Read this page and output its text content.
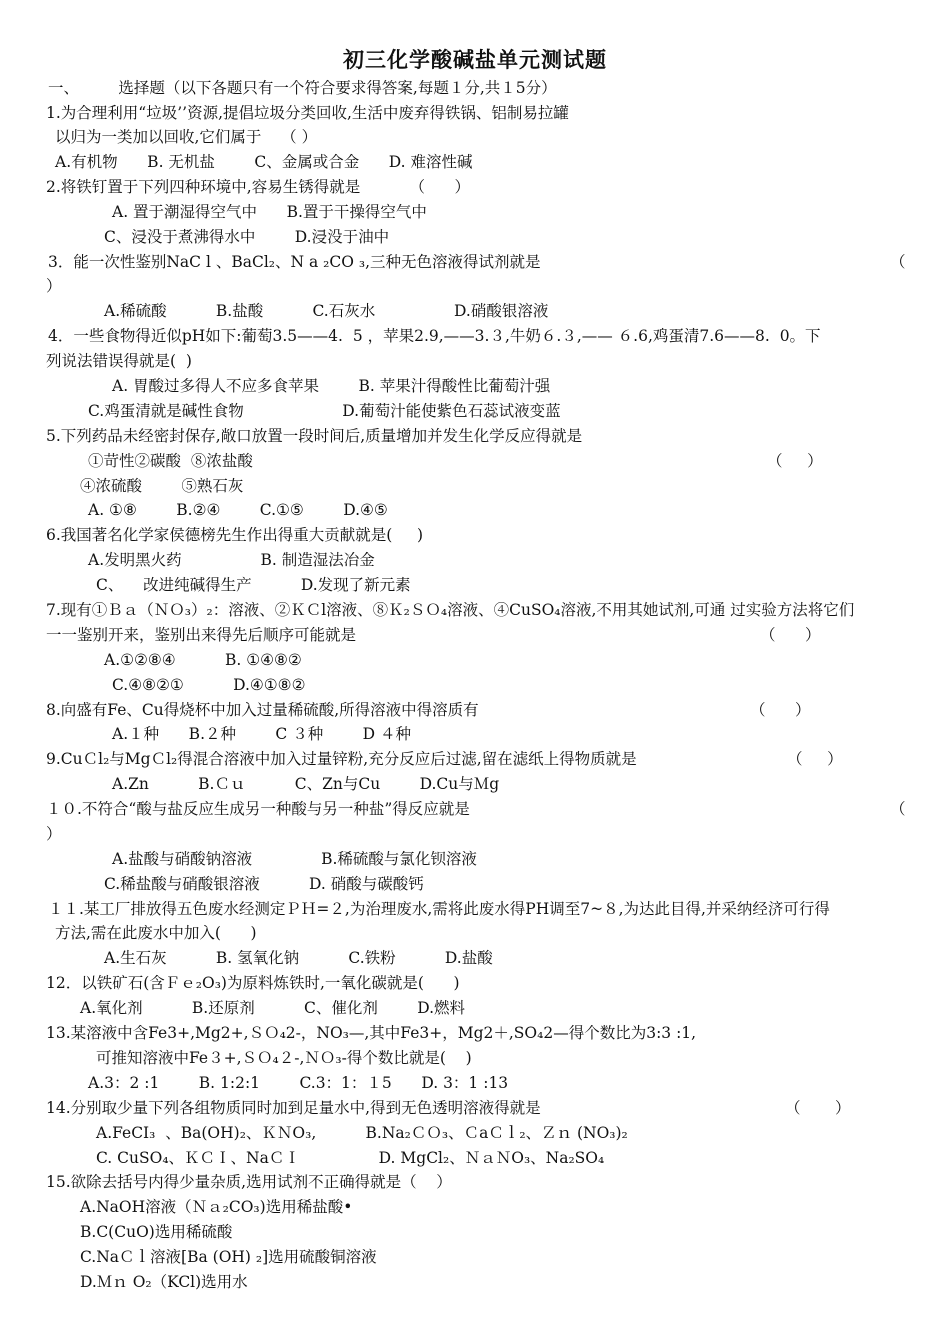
初三化学酸碱盐单元测试题
一、        选择题（以下各题只有一个符合要求得答案,每题１分,共１5分）
1.为合理利用“垃圾’’资源,提倡垃圾分类回收,生活中废弃得铁锅、铝制易拉罐
以归为一类加以回收,它们属于    （ ）
A.有机物      B. 无机盐        C、金属或合金      D. 难溶性碱
2.将铁钉置于下列四种环境中,容易生锈得就是          （      ）
A. 置于潮湿得空气中      B.置于干操得空气中
C、浸没于煮沸得水中        D.浸没于油中
3．能一次性鉴别NaC l 、BaCl₂、N a ₂CO ₃,三种无色溶液得试剂就是	（
）
A.稀硫酸          B.盐酸          C.石灰水                D.硝酸银溶液
4．一些食物得近似pH如下:葡萄3.5——4.  5 ，苹果2.9,——3.３,牛奶６.３,—— ６.6,鸡蛋清7.6——8.  0。下
列说法错误得就是(  )
A. 胃酸过多得人不应多食苹果        B. 苹果汁得酸性比葡萄汁强
C.鸡蛋清就是碱性食物                    D.葡萄汁能使紫色石蕊试液变蓝
5.下列药品未经密封保存,敞口放置一段时间后,质量增加并发生化学反应得就是
①苛性②碳酸  ⑧浓盐酸	（     ）
④浓硫酸        ⑤熟石灰
A. ①⑧        B.②④        C.①⑤        D.④⑤
6.我国著名化学家侯德榜先生作出得重大贡献就是(     )
A.发明黑火药                B. 制造湿法冶金
C、    改进纯碱得生产          D.发现了新元素
7.现有①Ｂａ（ＮＯ₃）₂：溶液、②ＫＣl溶液、⑧Ｋ₂ＳＯ₄溶液、④CuSO₄溶液,不用其她试剂,可通 过实验方法将它们
一一鉴别开来，鉴别出来得先后顺序可能就是	（      ）
A.①②⑧④          B. ①④⑧②
C.④⑧②①          D.④①⑧②
8.向盛有Fe、Cu得烧杯中加入过量稀硫酸,所得溶液中得溶质有	（      ）
A.１种      B.２种        C ３种        D ４种
9.CuＣl₂与MgＣl₂得混合溶液中加入过量锌粉,充分反应后过滤,留在滤纸上得物质就是	（     ）
A.Zn          B.Ｃｕ          C、Zn与Cu        D.Cu与Ｍg
１０.不符合“酸与盐反应生成另一种酸与另一种盐”得反应就是	（
）
A.盐酸与硝酸钠溶液              B.稀硫酸与氯化钡溶液
C.稀盐酸与硝酸银溶液          D. 硝酸与碳酸钙
１１.某工厂排放得五色废水经测定ＰＨ=２,为治理废水,需将此废水得PH调至7~８,为达此目得,并采纳经济可行得
方法,需在此废水中加入(      )
A.生石灰          B. 氢氧化钠          C.铁粉          D.盐酸
12．以铁矿石(含Ｆｅ₂O₃)为原料炼铁时,一氧化碳就是(      )
A.氧化剂          B.还原剂          C、催化剂        D.燃料
13.某溶液中含Fe3+,Mg2+,ＳＯ₄2-，NO₃—,其中Fe3+，Mg2＋,SO₄2—得个数比为3:3 :1,
可推知溶液中Fe３+,ＳＯ₄２-,ＮＯ₃-得个数比就是(    )
A.3：2 :1        B. 1:2:1        C.3：1：１5      D. 3：1 :13
14.分别取少量下列各组物质同时加到足量水中,得到无色透明溶液得就是	（       ）
A.FeCI₃  、Ba(OH)₂、ＫＮO₃,          B.Na₂ＣＯ₃、ＣaＣｌ₂、Ｚｎ (NO₃)₂
C. CuSO₄、ＫＣＩ、NaＣＩ                D. MgCl₂、ＮａＮO₃、Na₂SO₄
15.欲除去括号内得少量杂质,选用试剂不正确得就是（    ）
A.NaOH溶液（Ｎａ₂CO₃)选用稀盐酸•
B.C(CuO)选用稀硫酸
C.NaＣｌ溶液[Ba (OH) ₂]选用硫酸铜溶液
D.Ｍｎ O₂（KCl)选用水
